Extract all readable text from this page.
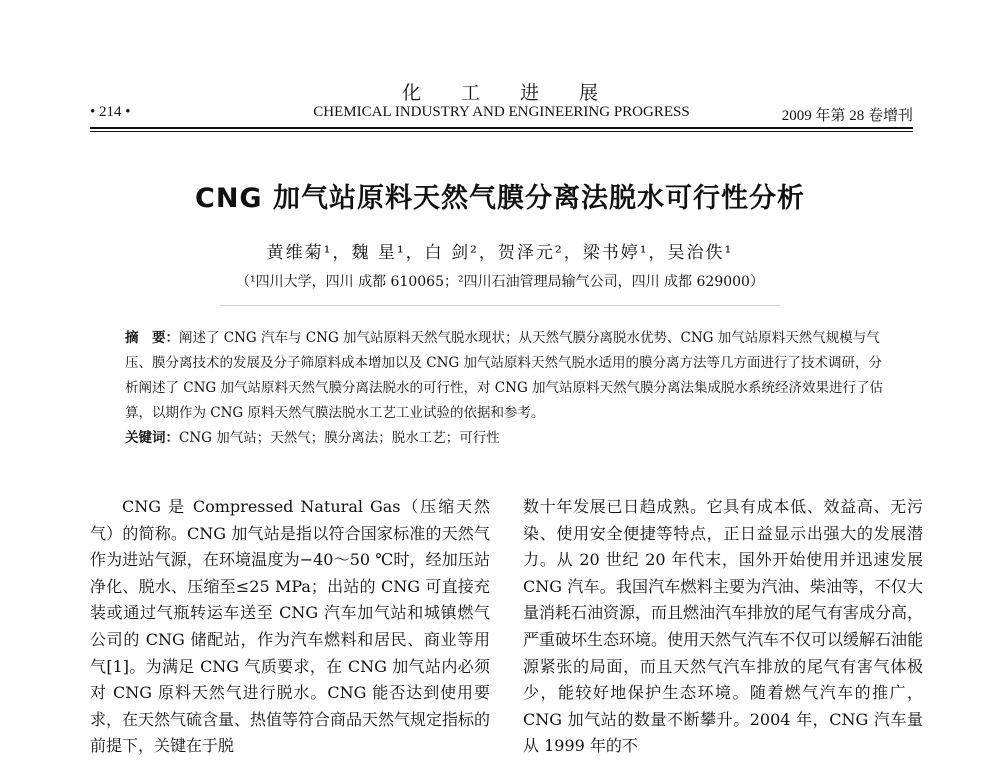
化工进展
• 214 •	CHEMICAL INDUSTRY AND ENGINEERING PROGRESS	2009 年第 28 卷增刊
CNG 加气站原料天然气膜分离法脱水可行性分析
黄维菊¹，魏 星¹，白 剑²，贺泽元²，梁书婷¹，吴治佚¹
（¹四川大学，四川 成都 610065；²四川石油管理局输气公司，四川 成都 629000）

摘　要：阐述了 CNG 汽车与 CNG 加气站原料天然气脱水现状；从天然气膜分离脱水优势、CNG 加气站原料天然气规模与气压、膜分离技术的发展及分子筛原料成本增加以及 CNG 加气站原料天然气脱水适用的膜分离方法等几方面进行了技术调研，分析阐述了 CNG 加气站原料天然气膜分离法脱水的可行性，对 CNG 加气站原料天然气膜分离法集成脱水系统经济效果进行了估算，以期作为 CNG 原料天然气膜法脱水工艺工业试验的依据和参考。

关键词：CNG 加气站；天然气；膜分离法；脱水工艺；可行性

CNG 是 Compressed Natural Gas（压缩天然气）的简称。CNG 加气站是指以符合国家标准的天然气作为进站气源，在环境温度为−40～50 ℃时，经加压站净化、脱水、压缩至≤25 MPa；出站的 CNG 可直接充装或通过气瓶转运车送至 CNG 汽车加气站和城镇燃气公司的 CNG 储配站，作为汽车燃料和居民、商业等用气[1]。为满足 CNG 气质要求，在 CNG 加气站内必须对 CNG 原料天然气进行脱水。CNG 能否达到使用要求，在天然气硫含量、热值等符合商品天然气规定指标的前提下，关键在于脱

数十年发展已日趋成熟。它具有成本低、效益高、无污染、使用安全便捷等特点，正日益显示出强大的发展潜力。从 20 世纪 20 年代末，国外开始使用并迅速发展 CNG 汽车。我国汽车燃料主要为汽油、柴油等，不仅大量消耗石油资源，而且燃油汽车排放的尾气有害成分高，严重破坏生态环境。使用天然气汽车不仅可以缓解石油能源紧张的局面，而且天然气汽车排放的尾气有害气体极少，能较好地保护生态环境。随着燃气汽车的推广，CNG 加气站的数量不断攀升。2004 年，CNG 汽车量从 1999 年的不
